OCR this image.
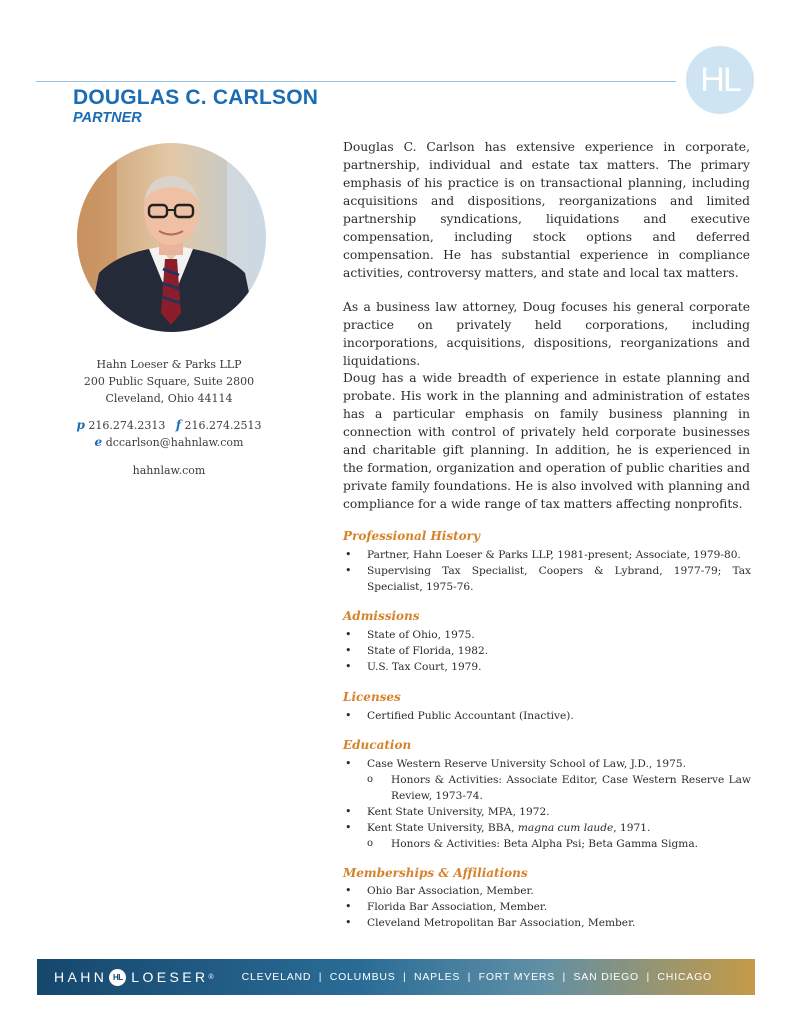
HL
DOUGLAS C. CARLSON
PARTNER
Hahn Loeser & Parks LLP
200 Public Square, Suite 2800
Cleveland, Ohio 44114
p 216.274.2313 f 216.274.2513
e dccarlson@hahnlaw.com
hahnlaw.com

Douglas C. Carlson has extensive experience in corporate, partnership, individual and estate tax matters. The primary emphasis of his practice is on transactional planning, including acquisitions and dispositions, reorganizations and limited partnership syndications, liquidations and executive compensation, including stock options and deferred compensation. He has substantial experience in compliance activities, controversy matters, and state and local tax matters.

As a business law attorney, Doug focuses his general corporate practice on privately held corporations, including incorporations, acquisitions, dispositions, reorganizations and liquidations.

Doug has a wide breadth of experience in estate planning and probate. His work in the planning and administration of estates has a particular emphasis on family business planning in connection with control of privately held corporate businesses and charitable gift planning. In addition, he is experienced in the formation, organization and operation of public charities and private family foundations. He is also involved with planning and compliance for a wide range of tax matters affecting nonprofits.

Professional History
• Partner, Hahn Loeser & Parks LLP, 1981-present; Associate, 1979-80.
• Supervising Tax Specialist, Coopers & Lybrand, 1977-79; Tax Specialist, 1975-76.
Admissions
• State of Ohio, 1975.
• State of Florida, 1982.
• U.S. Tax Court, 1979.
Licenses
• Certified Public Accountant (Inactive).
Education
• Case Western Reserve University School of Law, J.D., 1975.
o Honors & Activities: Associate Editor, Case Western Reserve Law Review, 1973-74.
• Kent State University, MPA, 1972.
• Kent State University, BBA, magna cum laude, 1971.
o Honors & Activities: Beta Alpha Psi; Beta Gamma Sigma.
Memberships & Affiliations
• Ohio Bar Association, Member.
• Florida Bar Association, Member.
• Cleveland Metropolitan Bar Association, Member.
HAHN HL LOESER ®	CLEVELAND  |  COLUMBUS  |  NAPLES  |  FORT MYERS  |  SAN DIEGO  |  CHICAGO
